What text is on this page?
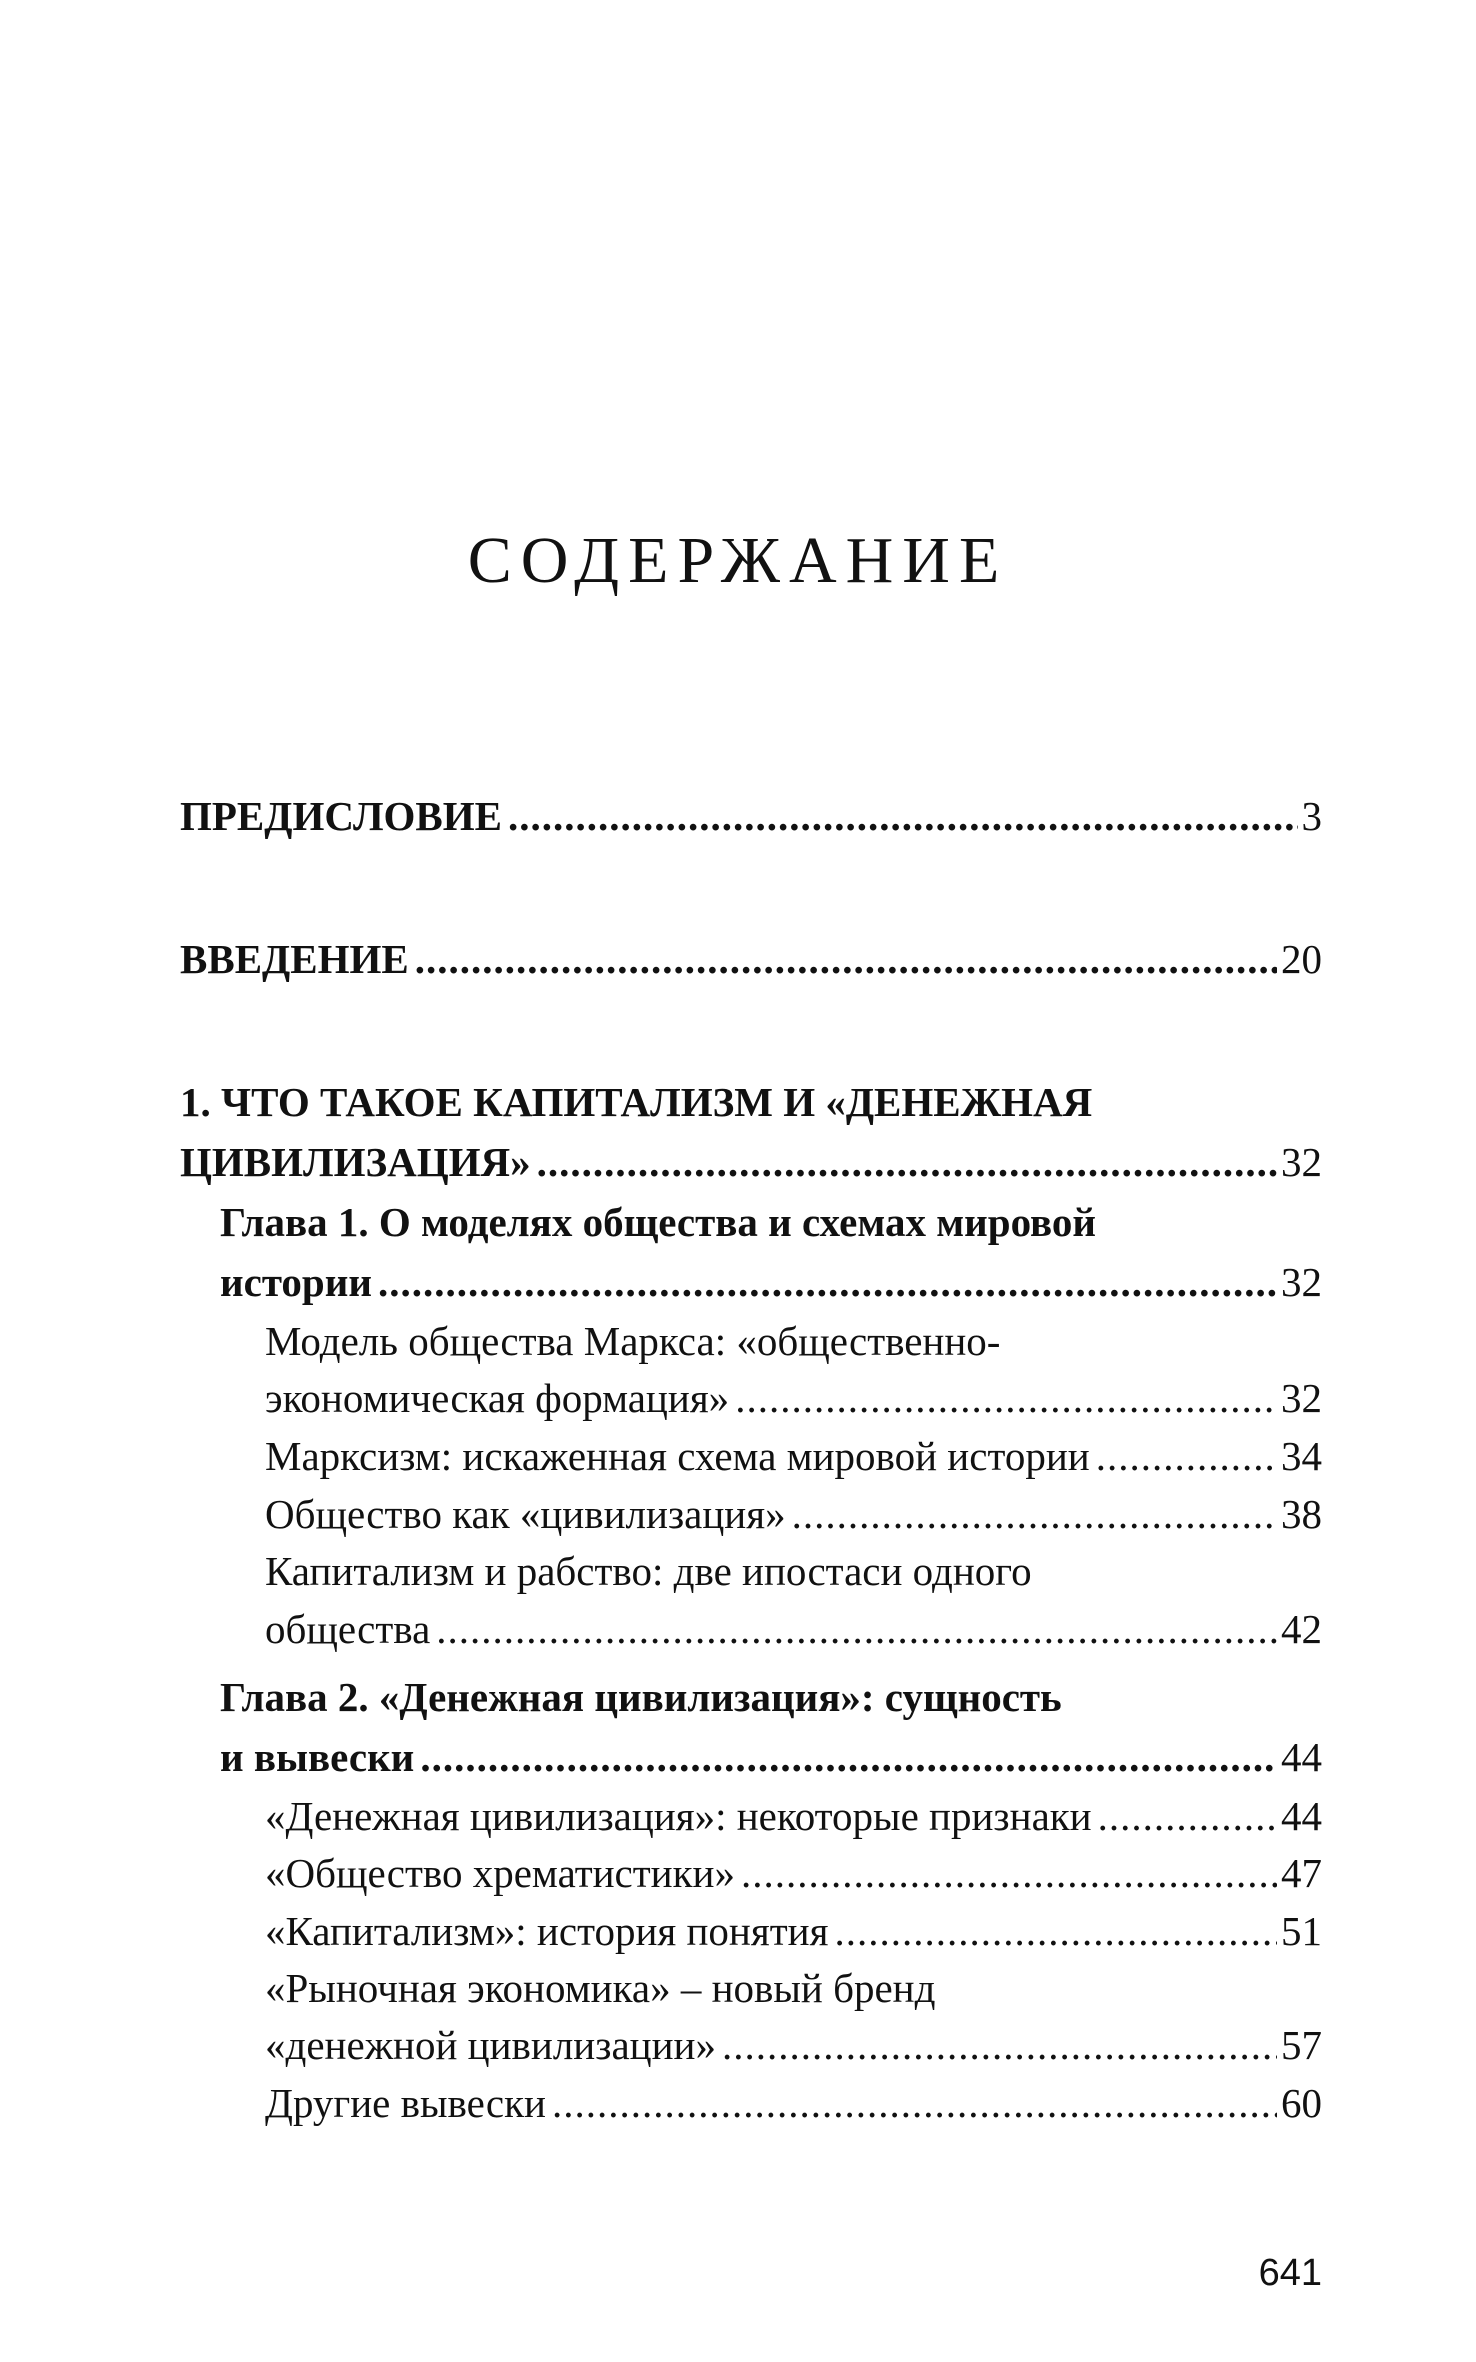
СОДЕРЖАНИЕ
ПРЕДИСЛОВИЕ .....	3
ВВЕДЕНИЕ .....	20
1. ЧТО ТАКОЕ КАПИТАЛИЗМ И «ДЕНЕЖНАЯ
ЦИВИЛИЗАЦИЯ» .....	32
Глава 1. О моделях общества и схемах мировой
истории .....	32
Модель общества Маркса: «общественно-
экономическая формация» .....	32
Марксизм: искаженная схема мировой истории .....	34
Общество как «цивилизация» .....	38
Капитализм и рабство: две ипостаси одного
общества .....	42
Глава 2. «Денежная цивилизация»: сущность
и вывески .....	44
«Денежная цивилизация»: некоторые признаки .....	44
«Общество хрематистики» .....	47
«Капитализм»: история понятия .....	51
«Рыночная экономика» – новый бренд
«денежной цивилизации» .....	57
Другие вывески .....	60
641
